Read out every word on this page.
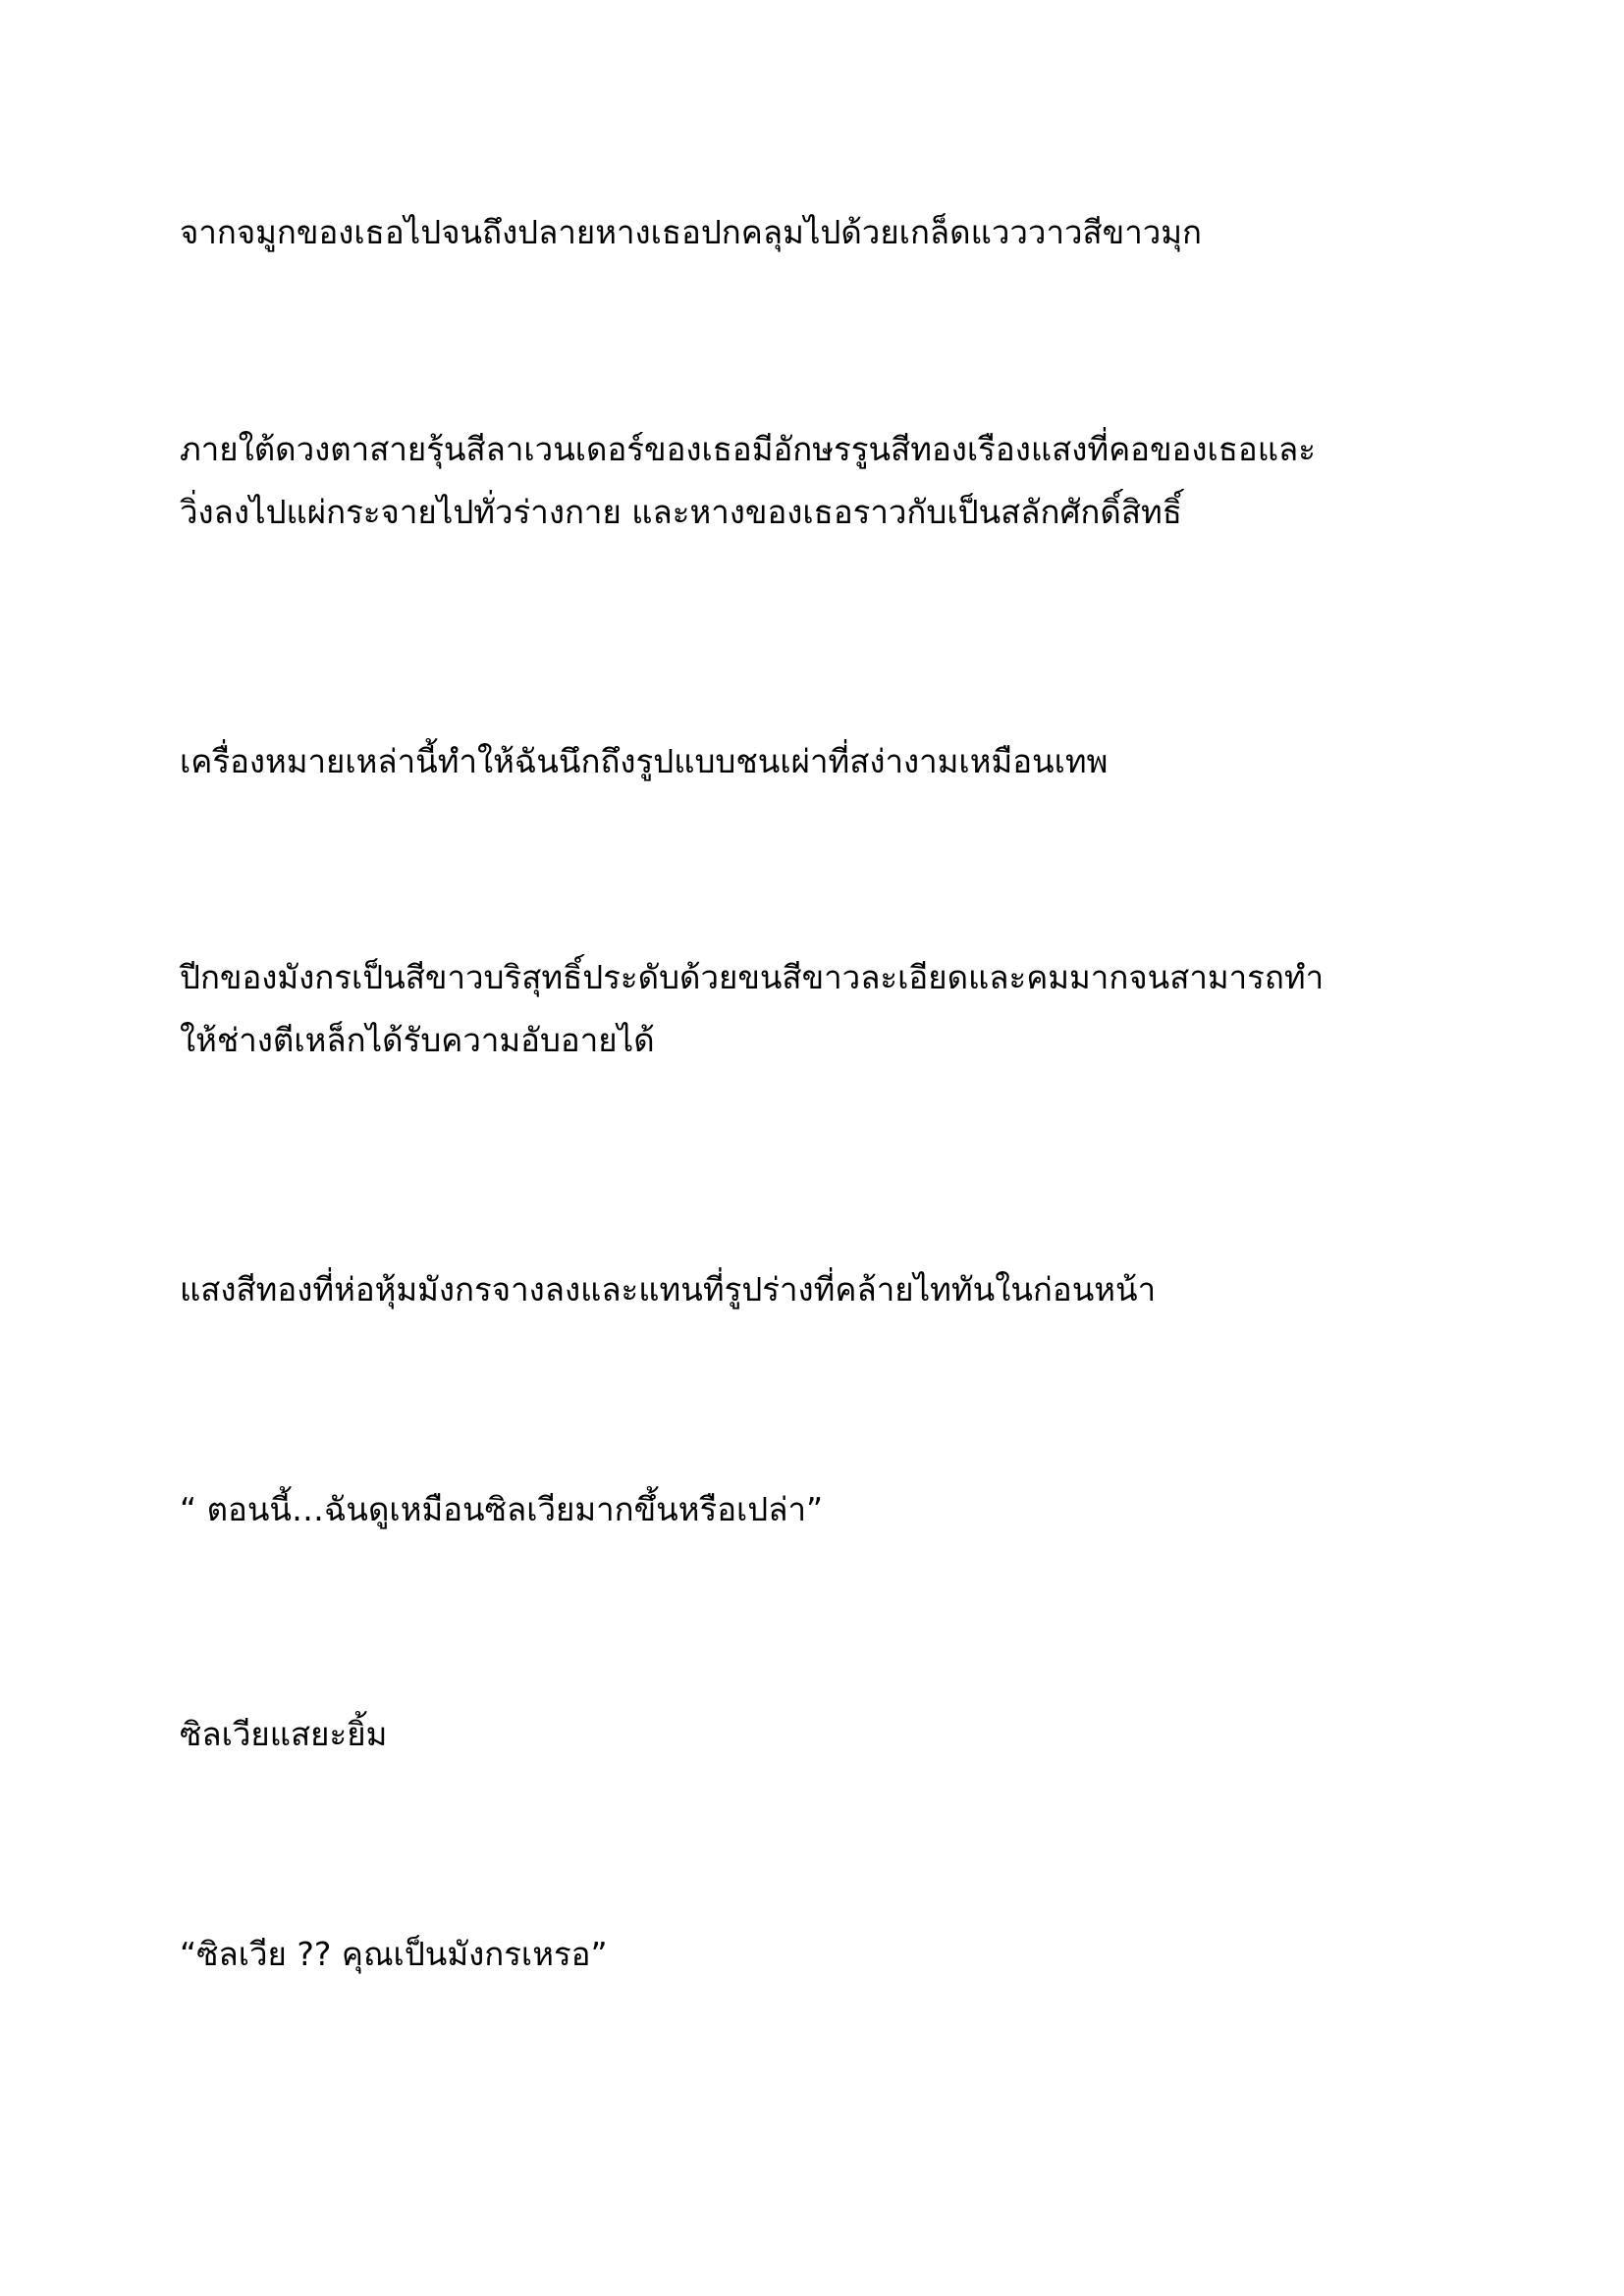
จากจมูกของเธอไปจนถึงปลายหางเธอปกคลุมไปด้วยเกล็ดแวววาวสีขาวมุก

ภายใต้ดวงตาสายรุ้นสีลาเวนเดอร์ของเธอมีอักษรรูนสีทองเรืองแสงที่คอของเธอและ
วิ่งลงไปแผ่กระจายไปทั่วร่างกาย และหางของเธอราวกับเป็นสลักศักดิ์สิทธิ์

เครื่องหมายเหล่านี้ทำให้ฉันนึกถึงรูปแบบชนเผ่าที่สง่างามเหมือนเทพ

ปีกของมังกรเป็นสีขาวบริสุทธิ์ประดับด้วยขนสีขาวละเอียดและคมมากจนสามารถทำ
ให้ช่างตีเหล็กได้รับความอับอายได้

แสงสีทองที่ห่อหุ้มมังกรจางลงและแทนที่รูปร่างที่คล้ายไททันในก่อนหน้า

“ ตอนนี้…ฉันดูเหมือนซิลเวียมากขึ้นหรือเปล่า”

ซิลเวียแสยะยิ้ม

“ซิลเวีย ?? คุณเป็นมังกรเหรอ”
